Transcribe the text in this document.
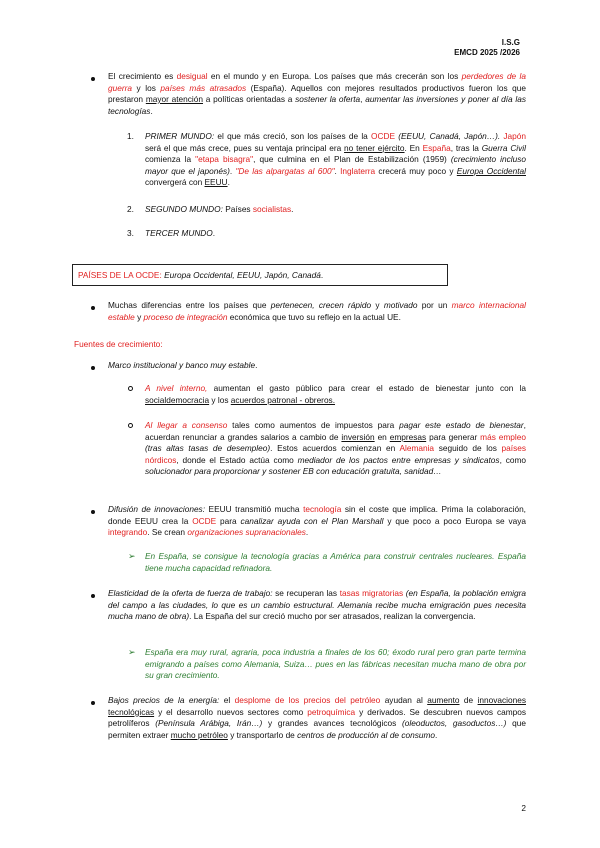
I.S.G
EMCD 2025 /2026
El crecimiento es desigual en el mundo y en Europa. Los países que más crecerán son los perdedores de la guerra y los países más atrasados (España). Aquellos con mejores resultados productivos fueron los que prestaron mayor atención a políticas orientadas a sostener la oferta, aumentar las inversiones y poner al día las tecnologías.
1. PRIMER MUNDO: el que más creció, son los países de la OCDE (EEUU, Canadá, Japón…). Japón será el que más crece, pues su ventaja principal era no tener ejército. En España, tras la Guerra Civil comienza la "etapa bisagra", que culmina en el Plan de Estabilización (1959) (crecimiento incluso mayor que el japonés). "De las alpargatas al 600". Inglaterra crecerá muy poco y Europa Occidental convergerá con EEUU.
2. SEGUNDO MUNDO: Países socialistas.
3. TERCER MUNDO.
PAÍSES DE LA OCDE: Europa Occidental, EEUU, Japón, Canadá.
Muchas diferencias entre los países que pertenecen, crecen rápido y motivado por un marco internacional estable y proceso de integración económica que tuvo su reflejo en la actual UE.
Fuentes de crecimiento:
Marco institucional y banco muy estable.
A nivel interno, aumentan el gasto público para crear el estado de bienestar junto con la socialdemocracia y los acuerdos patronal - obreros.
Al llegar a consenso tales como aumentos de impuestos para pagar este estado de bienestar, acuerdan renunciar a grandes salarios a cambio de inversión en empresas para generar más empleo (tras altas tasas de desempleo). Estos acuerdos comienzan en Alemania seguido de los países nórdicos, donde el Estado actúa como mediador de los pactos entre empresas y sindicatos, como solucionador para proporcionar y sostener EB con educación gratuita, sanidad…
Difusión de innovaciones: EEUU transmitió mucha tecnología sin el coste que implica. Prima la colaboración, donde EEUU crea la OCDE para canalizar ayuda con el Plan Marshall y que poco a poco Europa se vaya integrando. Se crean organizaciones supranacionales.
➢ En España, se consigue la tecnología gracias a América para construir centrales nucleares. España tiene mucha capacidad refinadora.
Elasticidad de la oferta de fuerza de trabajo: se recuperan las tasas migratorias (en España, la población emigra del campo a las ciudades, lo que es un cambio estructural. Alemania recibe mucha emigración pues necesita mucha mano de obra). La España del sur creció mucho por ser atrasados, realizan la convergencia.
➢ España era muy rural, agraria, poca industria a finales de los 60; éxodo rural pero gran parte termina emigrando a países como Alemania, Suiza… pues en las fábricas necesitan mucha mano de obra por su gran crecimiento.
Bajos precios de la energía: el desplome de los precios del petróleo ayudan al aumento de innovaciones tecnológicas y el desarrollo nuevos sectores como petroquímica y derivados. Se descubren nuevos campos petrolíferos (Península Arábiga, Irán…) y grandes avances tecnológicos (oleoductos, gasoductos…) que permiten extraer mucho petróleo y transportarlo de centros de producción al de consumo.
2
